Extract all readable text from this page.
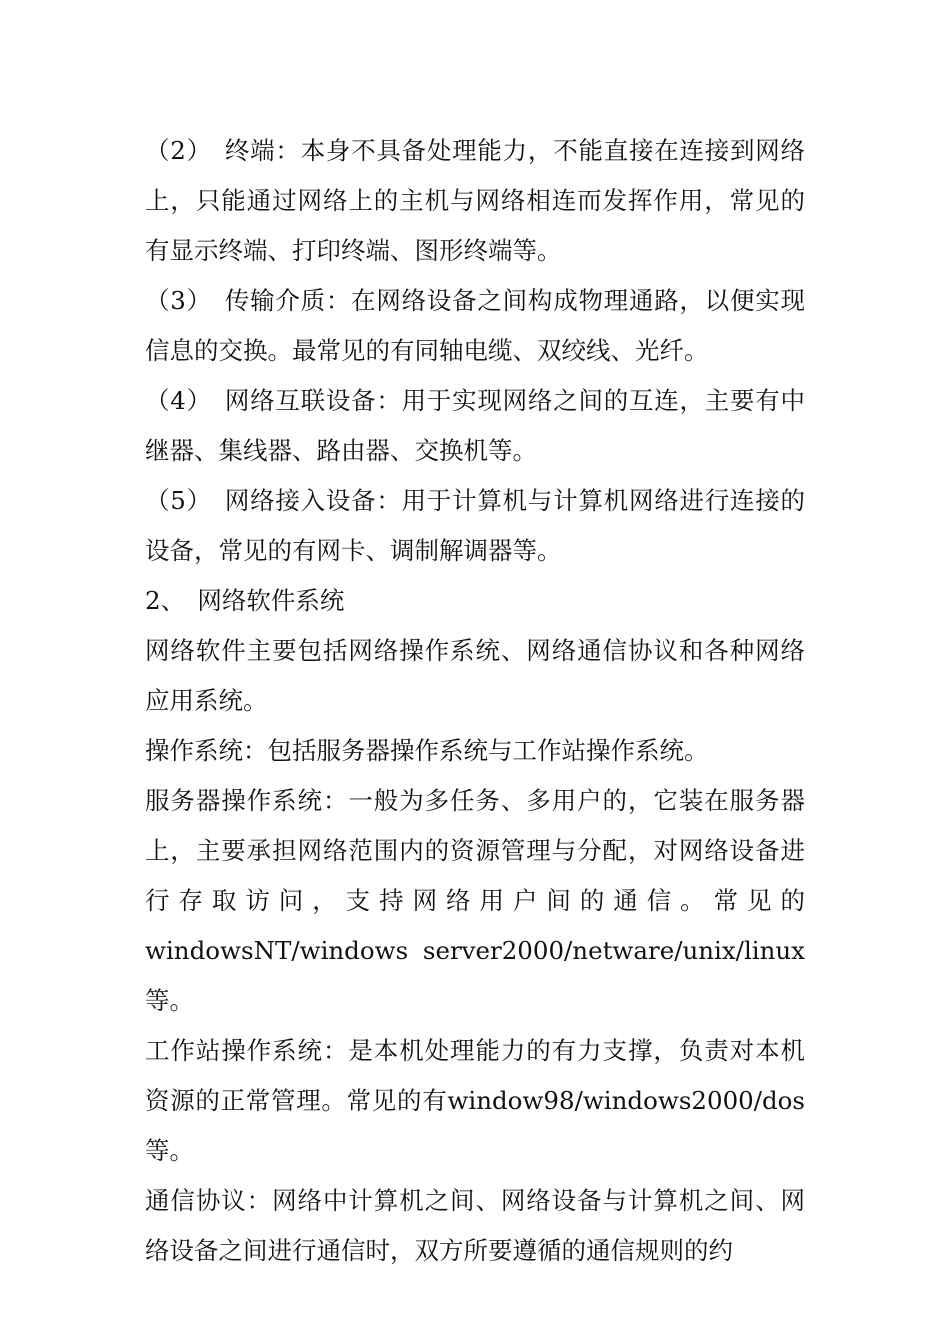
（2）　终端：本身不具备处理能力，不能直接在连接到网络上，只能通过网络上的主机与网络相连而发挥作用，常见的有显示终端、打印终端、图形终端等。

（3）　传输介质：在网络设备之间构成物理通路，以便实现信息的交换。最常见的有同轴电缆、双绞线、光纤。

（4）　网络互联设备：用于实现网络之间的互连，主要有中继器、集线器、路由器、交换机等。

（5）　网络接入设备：用于计算机与计算机网络进行连接的设备，常见的有网卡、调制解调器等。

2、　网络软件系统

网络软件主要包括网络操作系统、网络通信协议和各种网络应用系统。

操作系统：包括服务器操作系统与工作站操作系统。

服务器操作系统：一般为多任务、多用户的，它装在服务器上，主要承担网络范围内的资源管理与分配，对网络设备进行存取访问，支持网络用户间的通信。常见的windowsNT/windows server2000/netware/unix/linux等。

工作站操作系统：是本机处理能力的有力支撑，负责对本机资源的正常管理。常见的有window98/windows2000/dos等。

通信协议：网络中计算机之间、网络设备与计算机之间、网络设备之间进行通信时，双方所要遵循的通信规则的约
